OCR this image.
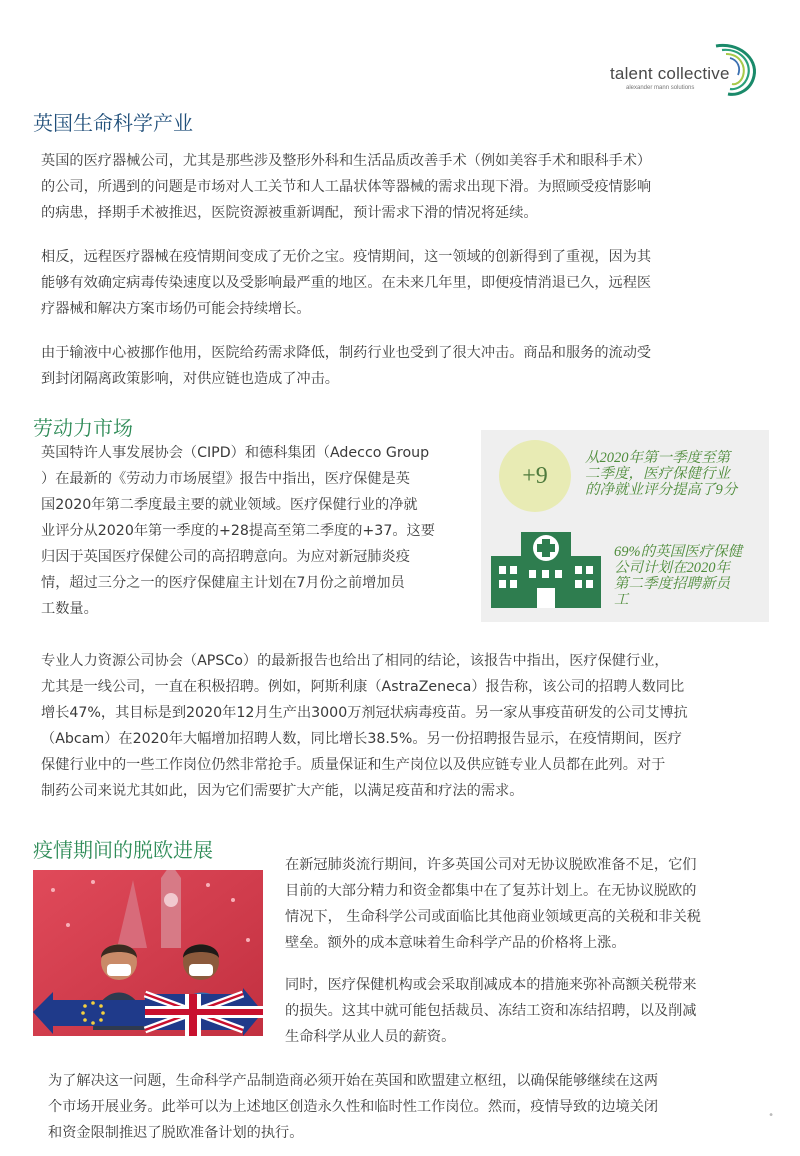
talent collective
alexander mann solutions
英国生命科学产业

英国的医疗器械公司，尤其是那些涉及整形外科和生活品质改善手术（例如美容手术和眼科手术）

的公司，所遇到的问题是市场对人工关节和人工晶状体等器械的需求出现下滑。为照顾受疫情影响

的病患，择期手术被推迟，医院资源被重新调配，预计需求下滑的情况将延续。

相反，远程医疗器械在疫情期间变成了无价之宝。疫情期间，这一领域的创新得到了重视，因为其

能够有效确定病毒传染速度以及受影响最严重的地区。在未来几年里，即便疫情消退已久，远程医

疗器械和解决方案市场仍可能会持续增长。

由于输液中心被挪作他用，医院给药需求降低，制药行业也受到了很大冲击。商品和服务的流动受

到封闭隔离政策影响，对供应链也造成了冲击。

劳动力市场

英国特许人事发展协会（CIPD）和德科集团（Adecco Group

）在最新的《劳动力市场展望》报告中指出，医疗保健是英

国2020年第二季度最主要的就业领域。医疗保健行业的净就

业评分从2020年第一季度的+28提高至第二季度的+37。这要

归因于英国医疗保健公司的高招聘意向。为应对新冠肺炎疫

情，超过三分之一的医疗保健雇主计划在7月份之前增加员

工数量。

+9
从2020年第一季度至第
二季度，医疗保健行业
的净就业评分提高了9分
69%的英国医疗保健
公司计划在2020年
第二季度招聘新员
工

专业人力资源公司协会（APSCo）的最新报告也给出了相同的结论，该报告中指出，医疗保健行业，

尤其是一线公司，一直在积极招聘。例如，阿斯利康（AstraZeneca）报告称，该公司的招聘人数同比

增长47%，其目标是到2020年12月生产出3000万剂冠状病毒疫苗。另一家从事疫苗研发的公司艾博抗

（Abcam）在2020年大幅增加招聘人数，同比增长38.5%。另一份招聘报告显示，在疫情期间，医疗

保健行业中的一些工作岗位仍然非常抢手。质量保证和生产岗位以及供应链专业人员都在此列。对于

制药公司来说尤其如此，因为它们需要扩大产能，以满足疫苗和疗法的需求。

疫情期间的脱欧进展

在新冠肺炎流行期间，许多英国公司对无协议脱欧准备不足，它们

目前的大部分精力和资金都集中在了复苏计划上。在无协议脱欧的

情况下， 生命科学公司或面临比其他商业领域更高的关税和非关税

壁垒。额外的成本意味着生命科学产品的价格将上涨。

同时，医疗保健机构或会采取削减成本的措施来弥补高额关税带来

的损失。这其中就可能包括裁员、冻结工资和冻结招聘，以及削减

生命科学从业人员的薪资。

为了解决这一问题，生命科学产品制造商必须开始在英国和欧盟建立枢纽，以确保能够继续在这两

个市场开展业务。此举可以为上述地区创造永久性和临时性工作岗位。然而，疫情导致的边境关闭

和资金限制推迟了脱欧准备计划的执行。

•
